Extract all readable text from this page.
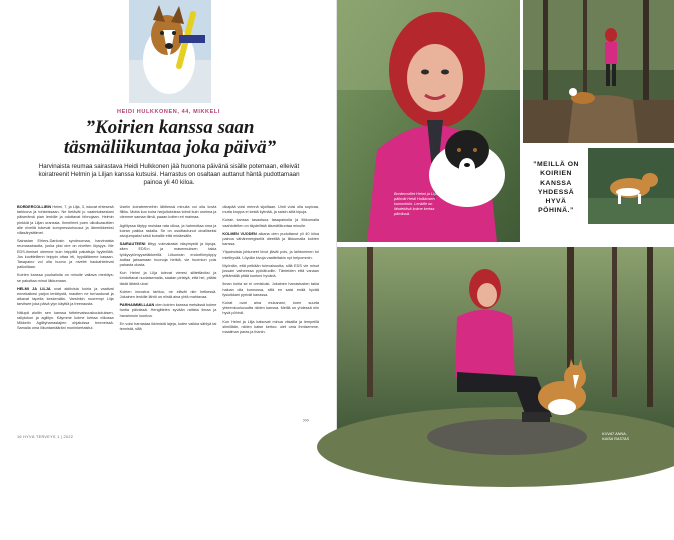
HEIDI HULKKONEN, 44, MIKKELI
”Koirien kanssa saan täsmäliikuntaa joka päivä”

Harvinaista reumaa sairastava Heidi Hulkkonen jää huonona päivänä sisälle potemaan, elleivät koiratreenit Helmin ja Liljan kanssa kutsuisi. Harrastus on osaltaan auttanut häntä pudottamaan painoa yli 40 kiloa.

BORDERCOLLIEIN Helmi, 7, ja Lilja, 3, istuvat ehtesesä tarkkona ja tohkeissaan. Ne tietävät jo vaatetuksestani päiserämä pian lenkille ja odottavat hihnojaan. Helmin pinkkiä ja Liljan oranssia. Ihmellemi puen ulkoiluasuttien alle niveliä tukevat kompressiohousut ja lämmikkeeksi villasärysittimet.

Sairastan Ehlers-Danlosin syndroomaa, harvinaista reumasairautta, jonka yksi oire on nivelten löysyys. Me EDS-ihmiset olemme kuin teippillä pakattuja hyytelöitä. Jos kuvitteillenn teippin ottaa irti, hyydälämme kasaan. Tasapaino voi olla huono ja nivelet haukahtelevat paikoillaan.

Koirien kanssa puuhailulla on minulle valtava merkitys: se pakottaa minut liikkumaan.

HELMI JA LILJA ovat aktiivisia koiria ja vaativat ennekaikesi paljon lenkitystä, mautten ne turhautuvat ja alkavat tapella keskenään. Varsinkin nuorempi Lilja tarvitsee joka päivä ylyn käyttiä ja treenausta.

Nitiupä aloitin sen kanssa tottelevaisuuskoulutuksen, rallytokon ja agilityn. Käymme kolme kertaa viikossa Mikkelin Agilityharrastajien ohjatuissa treeneissä. Samalla oma liikuntamääräni moninkertaistui.

Useiin koiratreeneihin lähtiessä minulla voi olla kovia fiiliks. Mutta kun koira harjoituksissa toimii kuin unelma ja olemme samaa tiimä, paaan koiten eri maimaa.

Agilityssa täytyy muistaa rata ulkoa, ja hahmottaa oma ja koiran paikka radalla. Se on osoittautunut oivalliseksi aivojumpaksi sekä koirallle että minäesälle.

SAIRAUTEENI liittyy voimakasta väsymystä ja kipuja, siten EDS:n ja masennuksen takia työkyvytömyyseläkkeellä. Liikunnan endorfiinryöppy auttaa jaksamaan huonoja hetkiä, vie huomion pois pahasta olosta.

Kun Helmi ja Lilja tulevat vieresi silitettäviksi ja lohduttavat nuolaisemalla, saatan piristyä, että hei, pitäisi tästä lähteä ulos!

Koirien innostus tarttuu, ne elävät niin hetkessä. Jokainen lenkille lähtö on niistä aina yhtä mahtavaa.

PARHAIMMILLAAN olen koirien kanssa metsässä kolme tuntia päivässä. Hengittelen syvään raitista ilmaa ja havainnoin luontoa.

En voisi harrastaa ikkimistä lajeja, kuten vaikka sählyä tai tennistä, sillä

olkapää voisi mennä sijoiltaan. Uinti voisi olla sopivaa, mutta kroppa ei kestä kylmää, ja saisin siitä kipuja.

Koiran kanssa tasaotsua tasapainolla ja liikkumalla vaahtoilellen on täydellistä täsmäliikuntaa minulle.

KOLMEN VUODEN aikana olen pudottanut yli 40 kiloa painoa vähärenergisellä dieetillä ja liikkumalla koirien kanssa.

Ylipainoista johtuneet kivut jäivät pois, ja laihtuminen toi mielihyvää. Löydän kivoja vaatteitakin nyt helpommin.

Myöntän, että pelkään tulevaisuutta, sillä EDS vie minut jossain vaiheessa pyörätuoliin. Tänteiden että vanaan yrittämällä pitää kuntoni hyvänä.

Ilman koiria se ei onnistuisi. Jokainen harrastusten takia haluan olla kunnossa, sillä en saisi enää hyvää fysioikkani pyrivät kanassa.

Koirat ovat aina mukanani, koen suurta yhteenkuuluvuutta niiden kanssa. Meillä on yhdessä niin hyvä pöhinä.

Kun Helmi ja Lilja katsovat minua viisailla ja lempeillä silmillään, niiden katse kertoo: olet oma ihmisemme, maailman paras ja ihanin.

›››
16 HYVÄ TERVEYS 1 | 2022
Bordercolliet Helmi ja Lilja päihvät Heidi Hulkkosen kumminkin. Lenkille on lähdettävä kolme kertaa päivässä.
”MEILLÄ ON KOIRIEN KANSSA YHDESSÄ HYVÄ PÖHINÄ.”
Liikunnasta kävyt myös koiratreenit. Heidi harrastaa Liljan kanssa tottelevaisuuskoulutusta, rallytokoa ja agilityä.
KUVAT ANNA-KAISA RASTAS
